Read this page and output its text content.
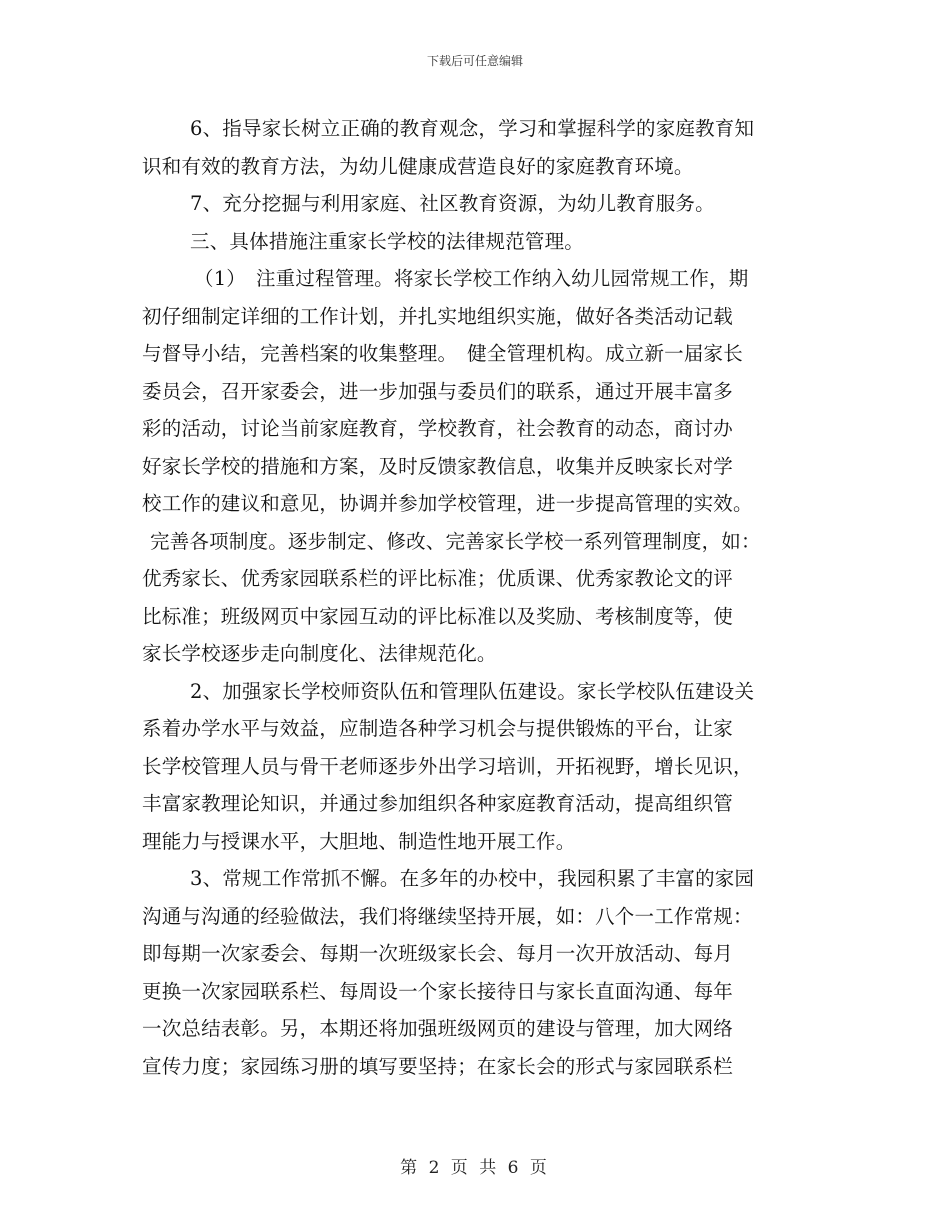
下载后可任意编辑
6、指导家长树立正确的教育观念，学习和掌握科学的家庭教育知
识和有效的教育方法，为幼儿健康成营造良好的家庭教育环境。
7、充分挖掘与利用家庭、社区教育资源，为幼儿教育服务。
三、具体措施注重家长学校的法律规范管理。
（1）　注重过程管理。将家长学校工作纳入幼儿园常规工作，期
初仔细制定详细的工作计划，并扎实地组织实施，做好各类活动记载
与督导小结，完善档案的收集整理。　健全管理机构。成立新一届家长
委员会，召开家委会，进一步加强与委员们的联系，通过开展丰富多
彩的活动，讨论当前家庭教育，学校教育，社会教育的动态，商讨办
好家长学校的措施和方案，及时反馈家教信息，收集并反映家长对学
校工作的建议和意见，协调并参加学校管理，进一步提高管理的实效。
完善各项制度。逐步制定、修改、完善家长学校一系列管理制度，如：
优秀家长、优秀家园联系栏的评比标准；优质课、优秀家教论文的评
比标准；班级网页中家园互动的评比标准以及奖励、考核制度等，使
家长学校逐步走向制度化、法律规范化。
2、加强家长学校师资队伍和管理队伍建设。家长学校队伍建设关
系着办学水平与效益，应制造各种学习机会与提供锻炼的平台，让家
长学校管理人员与骨干老师逐步外出学习培训，开拓视野，增长见识，
丰富家教理论知识，并通过参加组织各种家庭教育活动，提高组织管
理能力与授课水平，大胆地、制造性地开展工作。
3、常规工作常抓不懈。在多年的办校中，我园积累了丰富的家园
沟通与沟通的经验做法，我们将继续坚持开展，如：八个一工作常规：
即每期一次家委会、每期一次班级家长会、每月一次开放活动、每月
更换一次家园联系栏、每周设一个家长接待日与家长直面沟通、每年
一次总结表彰。另，本期还将加强班级网页的建设与管理，加大网络
宣传力度；家园练习册的填写要坚持；在家长会的形式与家园联系栏
第 2 页 共 6 页
